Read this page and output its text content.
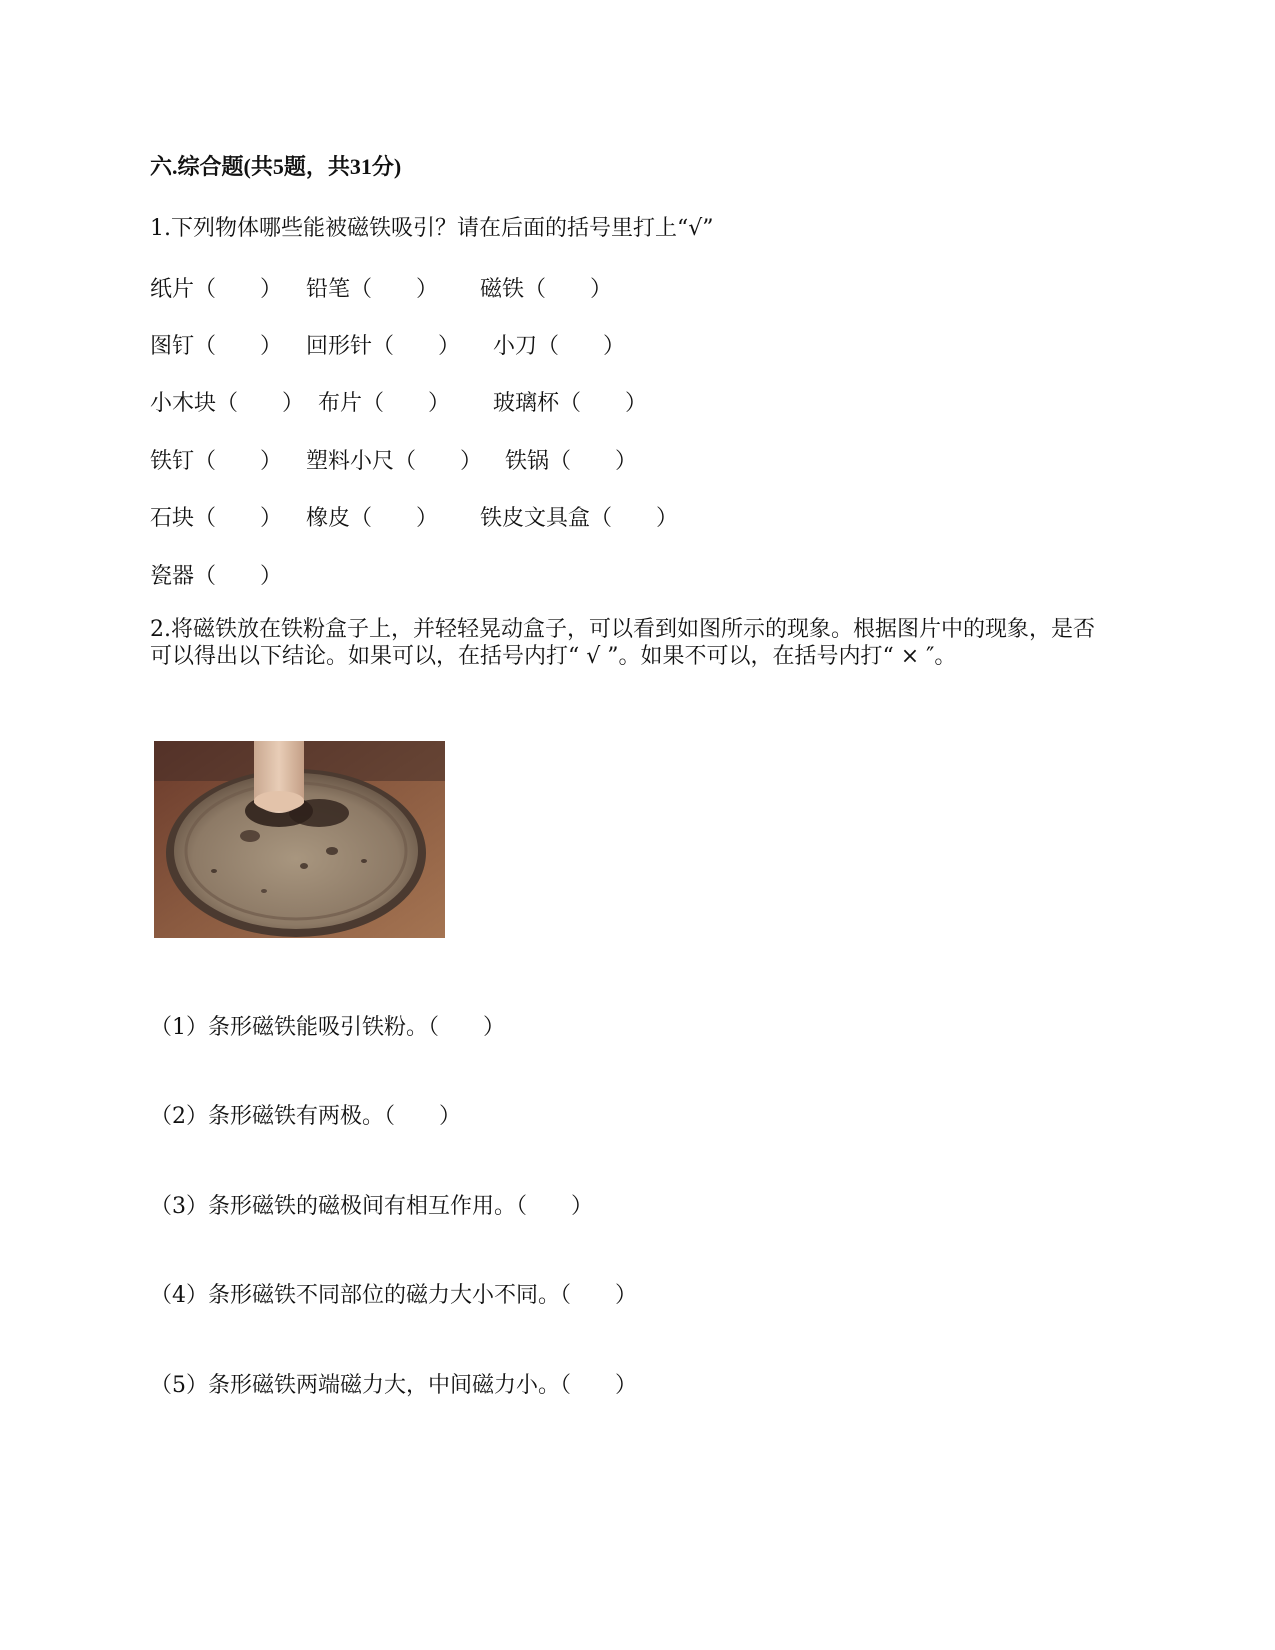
六.综合题(共5题，共31分)
1.下列物体哪些能被磁铁吸引？请在后面的括号里打上“√”
纸片（　　） 铅笔（　　） 磁铁（　　）
图钉（　　） 回形针（　　） 小刀（　　）
小木块（　　） 布片（　　） 玻璃杯（　　）
铁钉（　　） 塑料小尺（　　） 铁锅（　　）
石块（　　） 橡皮（　　） 铁皮文具盒（　　）
瓷器（　　）
2.将磁铁放在铁粉盒子上，并轻轻晃动盒子，可以看到如图所示的现象。根据图片中的现象，是否可以得出以下结论。如果可以，在括号内打“ √ ”。如果不可以，在括号内打“ × ″。
（1）条形磁铁能吸引铁粉。（　　）
（2）条形磁铁有两极。（　　）
（3）条形磁铁的磁极间有相互作用。（　　）
（4）条形磁铁不同部位的磁力大小不同。（　　）
（5）条形磁铁两端磁力大，中间磁力小。（　　）
